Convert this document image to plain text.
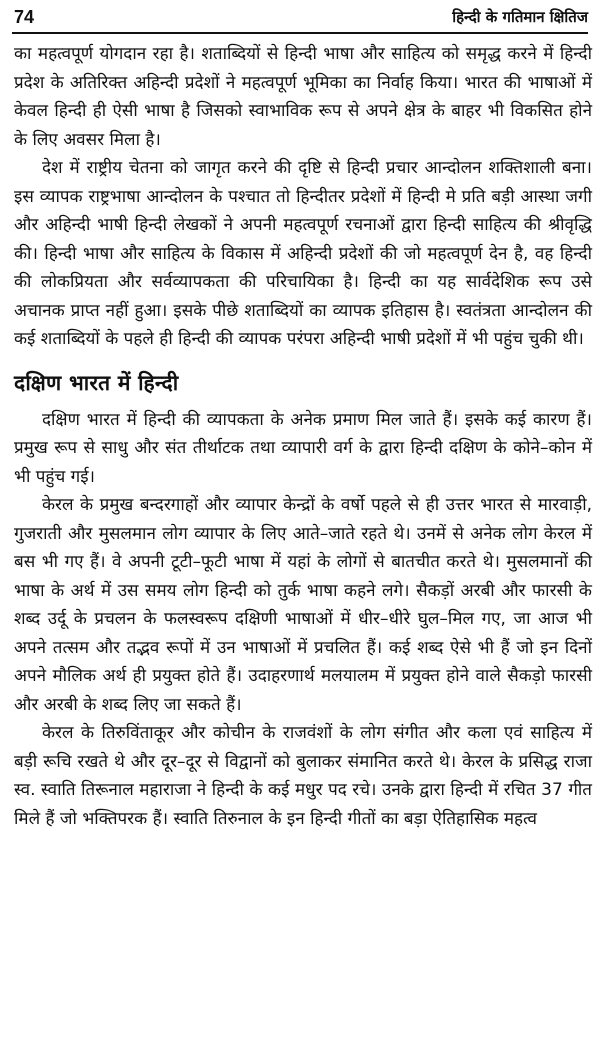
74	हिन्दी के गतिमान क्षितिज

का महत्वपूर्ण योगदान रहा है। शताब्दियों से हिन्दी भाषा और साहित्य को समृद्ध करने में हिन्दी प्रदेश के अतिरिक्त अहिन्दी प्रदेशों ने महत्वपूर्ण भूमिका का निर्वाह किया। भारत की भाषाओं में केवल हिन्दी ही ऐसी भाषा है जिसको स्वाभाविक रूप से अपने क्षेत्र के बाहर भी विकसित होने के लिए अवसर मिला है।

देश में राष्ट्रीय चेतना को जागृत करने की दृष्टि से हिन्दी प्रचार आन्दोलन शक्तिशाली बना। इस व्यापक राष्ट्रभाषा आन्दोलन के पश्चात तो हिन्दीतर प्रदेशों में हिन्दी मे प्रति बड़ी आस्था जगी और अहिन्दी भाषी हिन्दी लेखकों ने अपनी महत्वपूर्ण रचनाओं द्वारा हिन्दी साहित्य की श्रीवृद्धि की। हिन्दी भाषा और साहित्य के विकास में अहिन्दी प्रदेशों की जो महत्वपूर्ण देन है, वह हिन्दी की लोकप्रियता और सर्वव्यापकता की परिचायिका है। हिन्दी का यह सार्वदेशिक रूप उसे अचानक प्राप्त नहीं हुआ। इसके पीछे शताब्दियों का व्यापक इतिहास है। स्वतंत्रता आन्दोलन की कई शताब्दियों के पहले ही हिन्दी की व्यापक परंपरा अहिन्दी भाषी प्रदेशों में भी पहुंच चुकी थी।

दक्षिण भारत में हिन्दी

दक्षिण भारत में हिन्दी की व्यापकता के अनेक प्रमाण मिल जाते हैं। इसके कई कारण हैं। प्रमुख रूप से साधु और संत तीर्थाटक तथा व्यापारी वर्ग के द्वारा हिन्दी दक्षिण के कोने–कोन में भी पहुंच गई।

केरल के प्रमुख बन्दरगाहों और व्यापार केन्द्रों के वर्षो पहले से ही उत्तर भारत से मारवाड़ी, गुजराती और मुसलमान लोग व्यापार के लिए आते–जाते रहते थे। उनमें से अनेक लोग केरल में बस भी गए हैं। वे अपनी टूटी–फूटी भाषा में यहां के लोगों से बातचीत करते थे। मुसलमानों की भाषा के अर्थ में उस समय लोग हिन्दी को तुर्क भाषा कहने लगे। सैकड़ों अरबी और फारसी के शब्द उर्दू के प्रचलन के फलस्वरूप दक्षिणी भाषाओं में धीर–धीरे घुल–मिल गए, जा आज भी अपने तत्सम और तद्भव रूपों में उन भाषाओं में प्रचलित हैं। कई शब्द ऐसे भी हैं जो इन दिनों अपने मौलिक अर्थ ही प्रयुक्त होते हैं। उदाहरणार्थ मलयालम में प्रयुक्त होने वाले सैकड़ो फारसी और अरबी के शब्द लिए जा सकते हैं।

केरल के तिरुविंताकूर और कोचीन के राजवंशों के लोग संगीत और कला एवं साहित्य में बड़ी रूचि रखते थे और दूर–दूर से विद्वानों को बुलाकर संमानित करते थे। केरल के प्रसिद्ध राजा स्व. स्वाति तिरूनाल महाराजा ने हिन्दी के कई मधुर पद रचे। उनके द्वारा हिन्दी में रचित 37 गीत मिले हैं जो भक्तिपरक हैं। स्वाति तिरुनाल के इन हिन्दी गीतों का बड़ा ऐतिहासिक महत्व
